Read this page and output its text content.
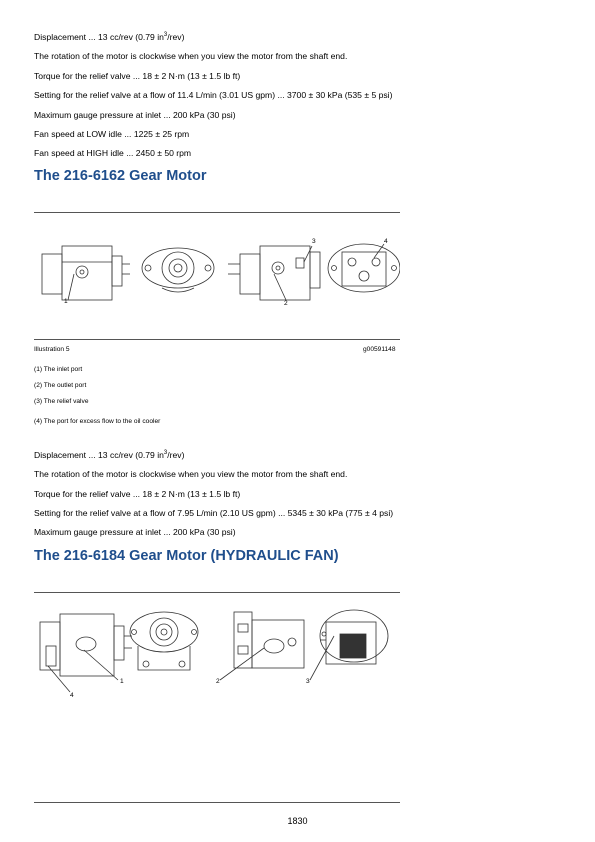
Displacement ... 13 cc/rev (0.79 $in^3/rev$)
The rotation of the motor is clockwise when you view the motor from the shaft end.
Torque for the relief valve ... 18 ± 2 N·m (13 ± 1.5 lb ft)
Setting for the relief valve at a flow of 11.4 L/min (3.01 US gpm) ... 3700 ± 30 kPa (535 ± 5 psi)
Maximum gauge pressure at inlet ... 200 kPa (30 psi)
Fan speed at LOW idle ... 1225 ± 25 rpm
Fan speed at HIGH idle ... 2450 ± 50 rpm
The 216-6162 Gear Motor
1	2
3	4
Illustration 5	g00591148
(1) The inlet port
(2) The outlet port
(3) The relief valve
(4) The port for excess flow to the oil cooler
Displacement ... 13 cc/rev (0.79 $in^3/rev$)
The rotation of the motor is clockwise when you view the motor from the shaft end.
Torque for the relief valve ... 18 ± 2 N·m (13 ± 1.5 lb ft)
Setting for the relief valve at a flow of 7.95 L/min (2.10 US gpm) ... 5345 ± 30 kPa (775 ± 4 psi)
Maximum gauge pressure at inlet ... 200 kPa (30 psi)
The 216-6184 Gear Motor (HYDRAULIC FAN)
1	2	3
4
1830
